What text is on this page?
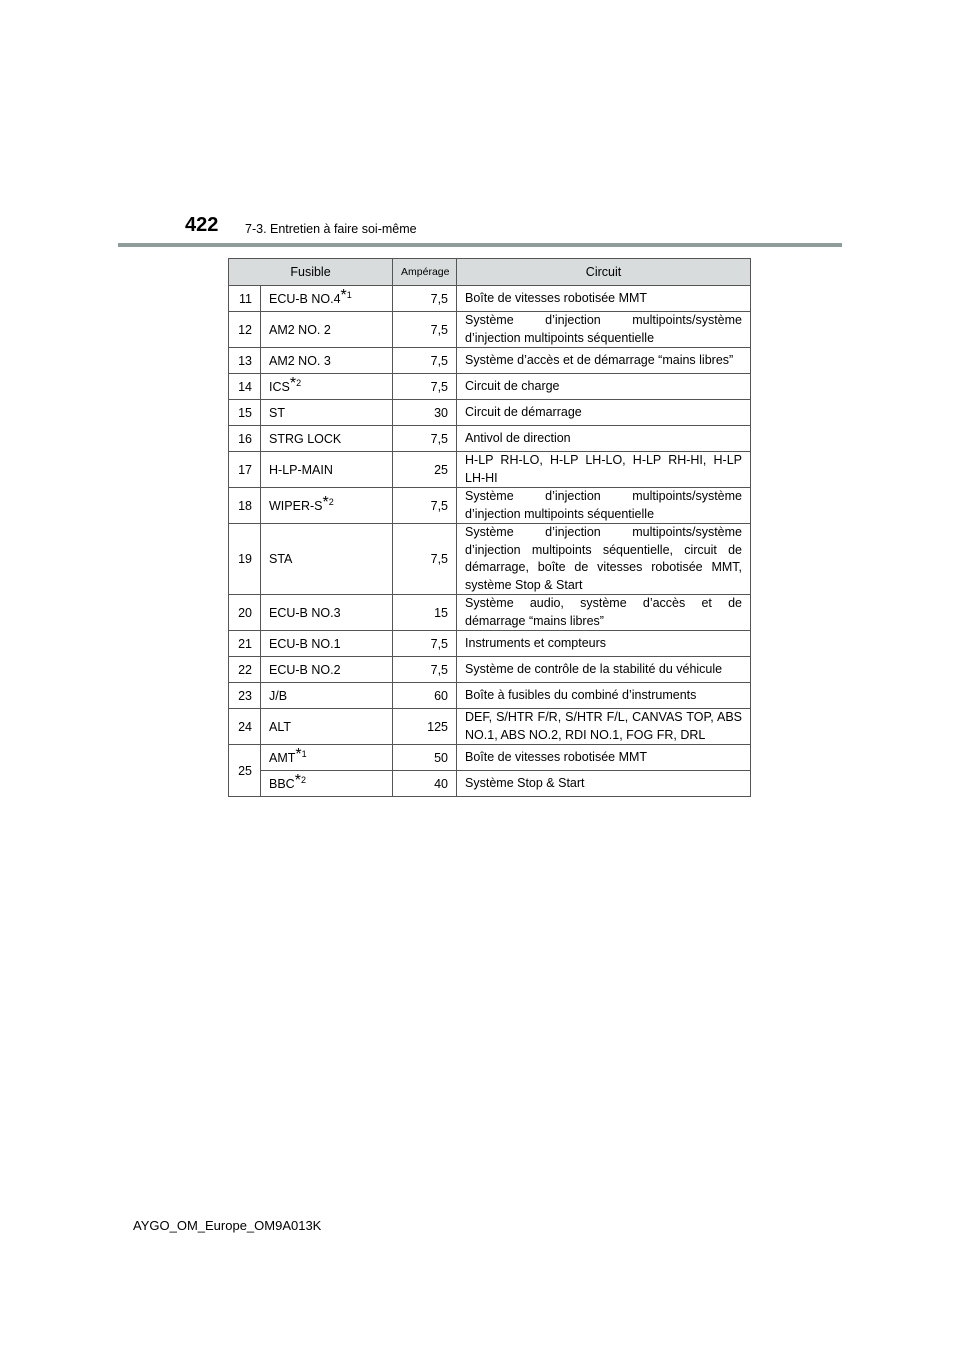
422 7-3. Entretien à faire soi-même
Fusible		Ampérage	Circuit
11	ECU-B NO.4$^{*1}$	7,5	Boîte de vitesses robotisée MMT
12	AM2 NO. 2	7,5	Système d’injection multipoints/système d’injection multipoints séquentielle
13	AM2 NO. 3	7,5	Système d’accès et de démarrage “mains libres”
14	ICS$^{*2}$	7,5	Circuit de charge
15	ST	30	Circuit de démarrage
16	STRG LOCK	7,5	Antivol de direction
17	H-LP-MAIN	25	H-LP RH-LO, H-LP LH-LO, H-LP RH-HI, H-LP LH-HI
18	WIPER-S$^{*2}$	7,5	Système d’injection multipoints/système d’injection multipoints séquentielle
19	STA	7,5	Système d’injection multipoints/système d’injection multipoints séquentielle, circuit de démarrage, boîte de vitesses robotisée MMT, système Stop & Start
20	ECU-B NO.3	15	Système audio, système d’accès et de démarrage “mains libres”
21	ECU-B NO.1	7,5	Instruments et compteurs
22	ECU-B NO.2	7,5	Système de contrôle de la stabilité du véhicule
23	J/B	60	Boîte à fusibles du combiné d’instruments
24	ALT	125	DEF, S/HTR F/R, S/HTR F/L, CANVAS TOP, ABS NO.1, ABS NO.2, RDI NO.1, FOG FR, DRL
25	AMT$^{*1}$	50	Boîte de vitesses robotisée MMT
	BBC$^{*2}$	40	Système Stop & Start
AYGO_OM_Europe_OM9A013K
